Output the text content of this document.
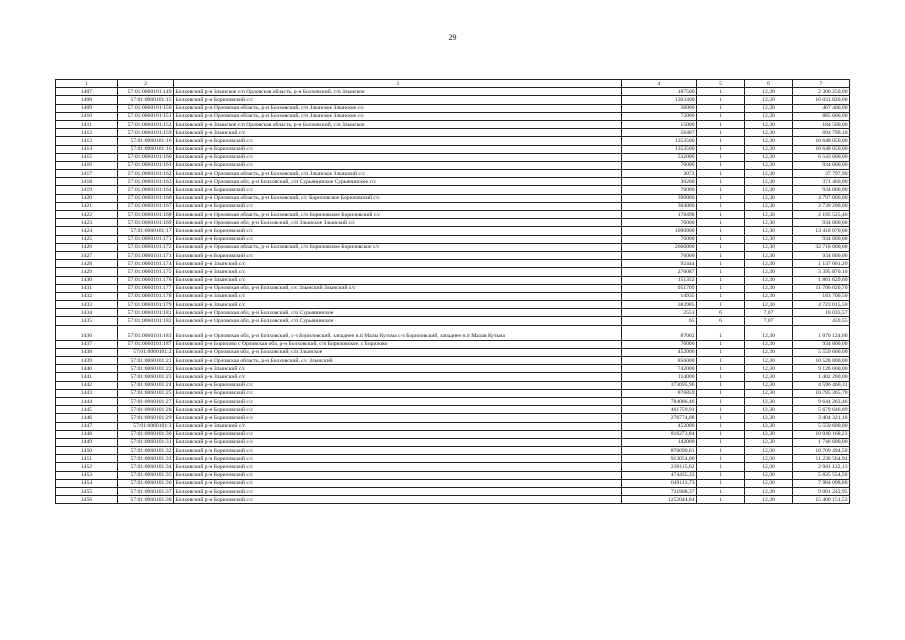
29
1	2	3	4	5	6	7
1407	57:01:0060101:149	Болховский р-н Злынское с/п Орловская область, р-н Болховский, с/п Злынское	187500	1	12,30	2 306 250,00
1408	57:01:0060101:15	Болховский р-н Бориловский с/с	1303400	1	12,30	16 031 820,00
1409	57:01:0060101:150	Болховский р-н Орловская область, р-н Болховский, с/п Злынское Злынское с/с	38000	1	12,30	467 400,00
1410	57:01:0060101:151	Болховский р-н Орловская область, р-н Болховский, с/п Злынское Злынское с/с	72000	1	12,30	885 600,00
1411	57:01:0060101:152	Болховский р-н Злынское с/п Орловская область, р-н Болховский, с/п Злынское	15000	1	12,30	184 500,00
1412	57:01:0060101:159	Болховский р-н Злынский с/с	56487	1	12,30	694 790,10
1413	57:01:0060101:16	Болховский р-н Бориловский с/с	1353500	1	12,30	16 648 050,00
1414	57:01:0060101:16	Болховский р-н Бориловский с/с	1353500	1	12,30	16 648 050,00
1415	57:01:0060101:160	Болховский р-н Бориловский с/с	532000	1	12,30	6 543 600,00
1416	57:01:0060101:161	Болховский р-н Бориловский с/с	76000	1	12,30	934 800,00
1417	57:01:0060101:162	Болховский р-н Орловская область, р-н Болховский, с/п Злынское Злынский с/с	3073	1	12,30	37 797,90
1418	57:01:0060101:163	Болховский р-н Орловская обл, р-н Болховский, с/п Сурьянинское Сурьянинское с/с	30200	1	12,30	371 460,00
1419	57:01:0060101:164	Болховский р-н Бориловский с/с	76000	1	12,30	934 800,00
1420	57:01:0060101:166	Болховский р-н Орловская область, р-н Болховский, с/с Бориловское Бориловский с/с	390000	1	12,30	4 797 000,00
1421	57:01:0060101:167	Болховский р-н Бориловский с/с	304000	1	12,30	3 739 200,00
1422	57:01:0060101:168	Болховский р-н Орловская область, р-н Болховский, с/п Бориловское Бориловский с/с	178498	1	12,30	2 195 525,40
1423	57:01:0060101:169	Болховский р-н Орловская обл, р-н Болховский, с/п Злынское Злынский с/с	76000	1	12,30	934 800,00
1424	57:01:0060101:17	Болховский р-н Бориловский с/с	1090900	1	12,30	13 418 070,00
1425	57:01:0060101:171	Болховский р-н Бориловский с/с	76000	1	12,30	934 800,00
1426	57:01:0060101:172	Болховский р-н Орловская область, р-н Болховский, с/п Бориловское Бориловское с/с	2660000	1	12,30	32 718 000,00
1427	57:01:0060101:173	Болховский р-н Бориловский с/с	76000	1	12,30	934 800,00
1428	57:01:0060101:174	Болховский р-н Злынский с/с	92444	1	12,30	1 137 061,20
1429	57:01:0060101:175	Болховский р-н Злынский с/с	276087	1	12,30	3 395 870,10
1430	57:01:0060101:176	Болховский р-н Злынский с/с	151352	1	12,30	1 861 629,60
1431	57:01:0060101:177	Болховский р-н Орловская обл, р-н Болховский, с/с Злынский Злынский с/с	951709	1	12,30	11 706 020,70
1432	57:01:0060101:178	Болховский р-н Злынский с/с	14935	1	12,30	183 700,50
1433	57:01:0060101:179	Болховский р-н Злынский с/с	383985	1	12,30	4 723 015,50
1434	57:01:0060101:181	Болховский р-н Орловская обл, р-н Болховский, с/п Сурьянинское	2551	6	7,07	18 035,57
1435	57:01:0060101:182	Болховский р-н Орловская обл, р-н Болховский, с/п Сурьянинское	65	6	7,07	459,55
1436	57:01:0060101:183	Болховский р-н Орловская обл, р-н Болховский, с-з Бориловский, западнее н.п Малы Кутьма с-з Бориловский, западнее н.п Малая Кутьма	87002	1	12,30	1 070 124,60
1437	57:01:0060101:187	Болховский р-н Борилово с Орловская обл, р-н Болховский, с/п Бориловское, с Борилово	76000	1	12,30	934 800,00
1438	57:01:0060101:2	Болховский р-н Орловская обл, р-н Болховский, с/п Злынское	452000	1	12,30	5 559 600,00
1439	57:01:0060101:21	Болховский р-н Орловская область, р-н Болховский, с/с Злынский	856000	1	12,30	10 528 800,00
1440	57:01:0060101:22	Болховский р-н Злынский с/с	742000	1	12,30	9 126 600,00
1441	57:01:0060101:23	Болховский р-н Злынский с/с	114000	1	12,30	1 402 200,00
1442	57:01:0060101:24	Болховский р-н Бориловский с/с	373695,96	1	12,30	4 596 460,31
1443	57:01:0060101:25	Болховский р-н Бориловский с/с	876859	1	12,30	10 785 365,70
1444	57:01:0060101:27	Болховский р-н Бориловский с/с	784086,46	1	12,30	9 644 263,46
1445	57:01:0060101:28	Болховский р-н Бориловский с/с	461759,91	1	12,30	5 679 646,89
1446	57:01:0060101:29	Болховский р-н Бориловский с/с	276774,08	1	12,30	3 404 321,18
1447	57:01:0060101:3	Болховский р-н Злынский с/с	452000	1	12,30	5 559 600,00
1448	57:01:0060101:30	Болховский р-н Бориловский с/с	816273,84	1	12,30	10 040 168,23
1449	57:01:0060101:31	Болховский р-н Бориловский с/с	142000	1	12,30	1 746 600,00
1450	57:01:0060101:32	Болховский р-н Бориловский с/с	870690,61	1	12,30	10 709 494,50
1451	57:01:0060101:33	Болховский р-н Бориловский с/с	913054,06	1	12,30	11 230 564,94
1452	57:01:0060101:34	Болховский р-н Бориловский с/с	239115,62	1	12,30	2 941 122,13
1453	57:01:0060101:35	Болховский р-н Бориловский с/с	474435,33	1	12,30	5 835 554,56
1454	57:01:0060101:36	Болховский р-н Бориловский с/с	649113,73	1	12,30	7 984 098,88
1455	57:01:0060101:37	Болховский р-н Бориловский с/с	731808,37	1	12,30	9 001 242,95
1456	57:01:0060101:38	Болховский р-н Бориловский с/с	1252044,84	1	12,30	15 400 151,53
